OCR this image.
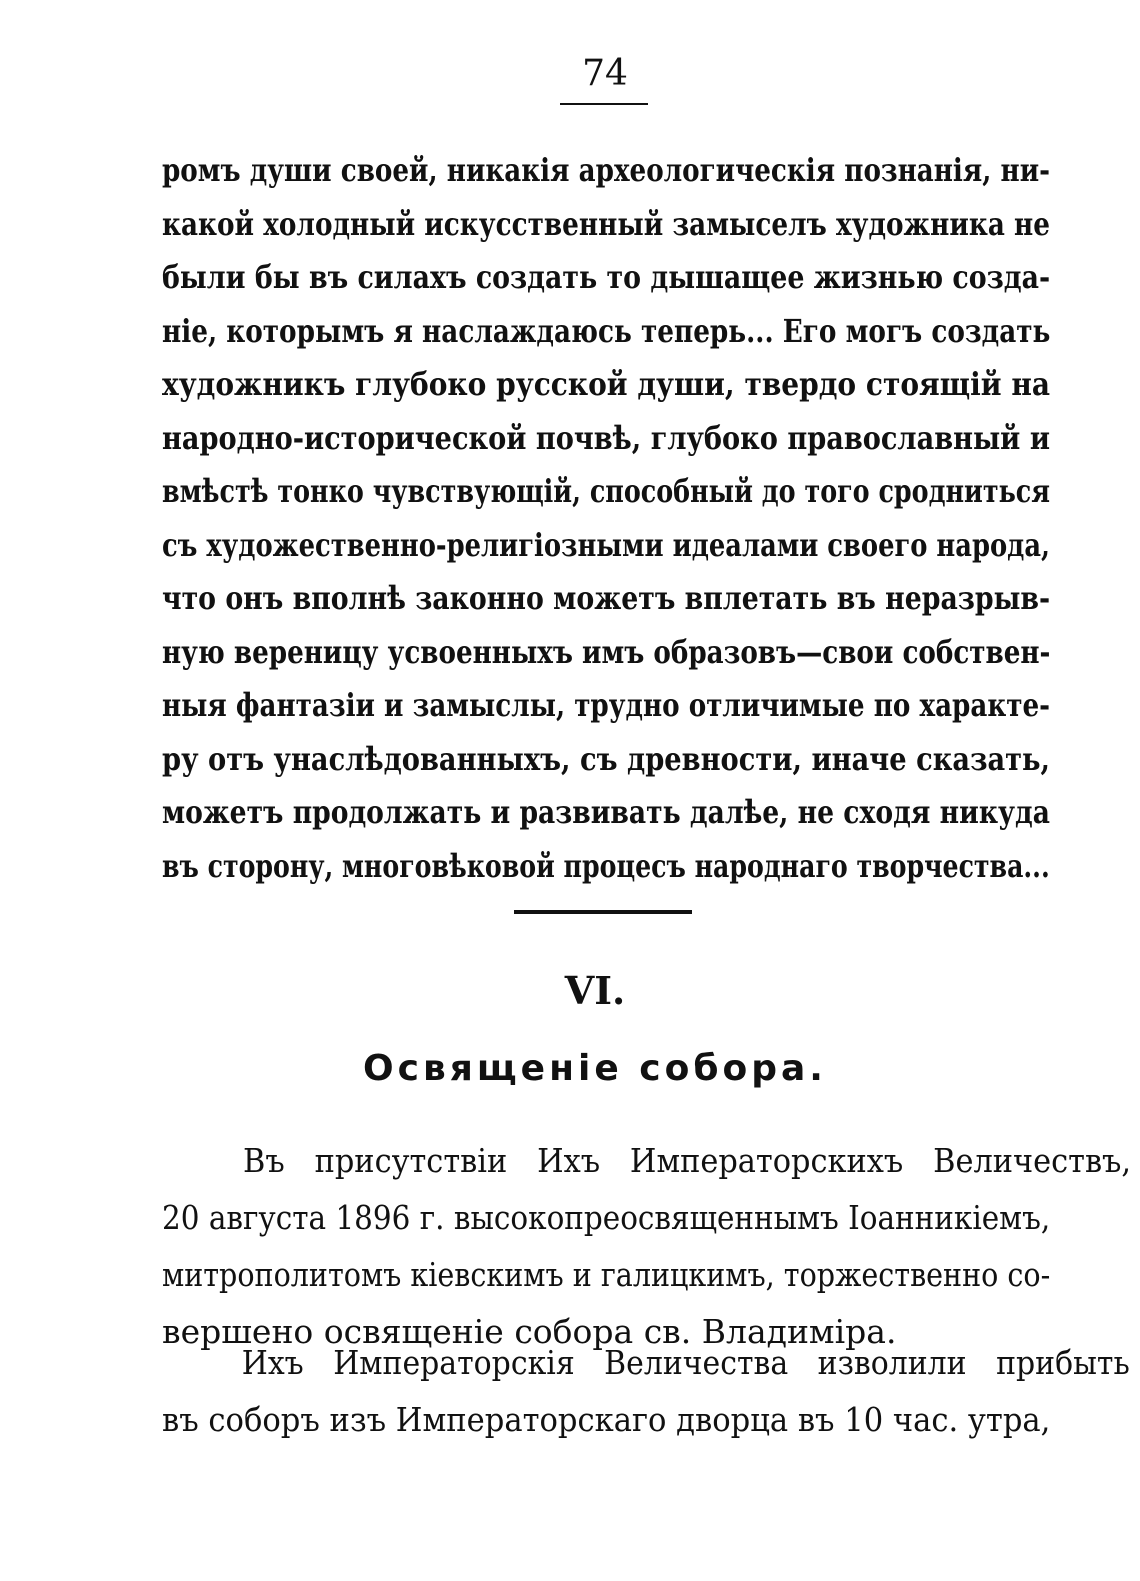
74
ромъ души своей, никакія археологическія познанія, ни-
какой холодный искусственный замыселъ художника не
были бы въ силахъ создать то дышащее жизнью созда-
ніе, которымъ я наслаждаюсь теперь... Его могъ создать
художникъ глубоко русской души, твердо стоящій на
народно-исторической почвѣ, глубоко православный и
вмѣстѣ тонко чувствующій, способный до того сродниться
съ художественно-религіозными идеалами своего народа,
что онъ вполнѣ законно можетъ вплетать въ неразрыв-
ную вереницу усвоенныхъ имъ образовъ—свои собствен-
ныя фантазіи и замыслы, трудно отличимые по характе-
ру отъ унаслѣдованныхъ, съ древности, иначе сказать,
можетъ продолжать и развивать далѣе, не сходя никуда
въ сторону, многовѣковой процесъ народнаго творчества...
VI.
Освященіе собора.
Въ присутствіи Ихъ Императорскихъ Величествъ,
20 августа 1896 г. высокопреосвященнымъ Іоанникіемъ,
митрополитомъ кіевскимъ и галицкимъ, торжественно со-
вершено освященіе собора св. Владиміра.
Ихъ Императорскія Величества изволили прибыть
въ соборъ изъ Императорскаго дворца въ 10 час. утра,
